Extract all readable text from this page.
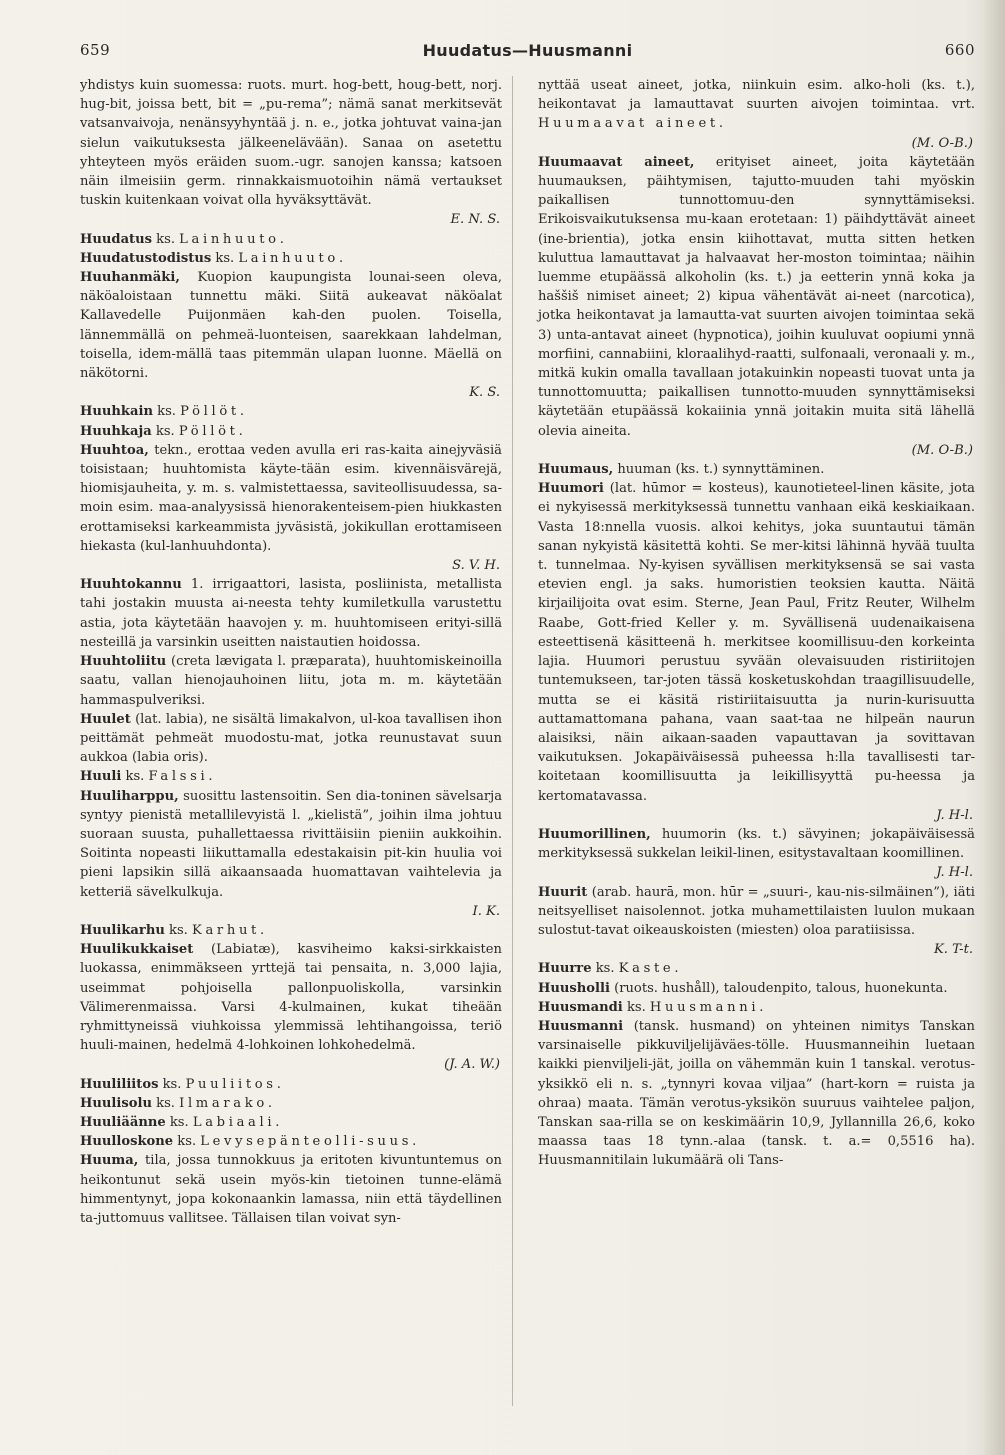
659	Huudatus—Huusmanni	660

yhdistys kuin suomessa: ruots. murt. hog-bett, houg-bett, norj. hug-bit, joissa bett, bit = „pu-rema”; nämä sanat merkitsevät vatsanvaivoja, nenänsyyhyntää j. n. e., jotka johtuvat vaina-jan sielun vaikutuksesta jälkeenelävään). Sanaa on asetettu yhteyteen myös eräiden suom.-ugr. sanojen kanssa; katsoen näin ilmeisiin germ. rinnakkaismuotoihin nämä vertaukset tuskin kuitenkaan voivat olla hyväksyttävät.

E. N. S.

Huudatus ks. Lainhuuto.

Huudatustodistus ks. Lainhuuto.

Huuhanmäki, Kuopion kaupungista lounai-seen oleva, näköaloistaan tunnettu mäki. Siitä aukeavat näköalat Kallavedelle Puijonmäen kah-den puolen. Toisella, lännemmällä on pehmeä-luonteisen, saarekkaan lahdelman, toisella, idem-mällä taas pitemmän ulapan luonne. Mäellä on näkötorni.

K. S.

Huuhkain ks. Pöllöt.

Huuhkaja ks. Pöllöt.

Huuhtoa, tekn., erottaa veden avulla eri ras-kaita ainejyväsiä toisistaan; huuhtomista käyte-tään esim. kivennäisvärejä, hiomisjauheita, y. m. s. valmistettaessa, saviteollisuudessa, sa-moin esim. maa-analyysissä hienorakenteisem-pien hiukkasten erottamiseksi karkeammista jyväsistä, jokikullan erottamiseen hiekasta (kul-lanhuuhdonta).

S. V. H.

Huuhtokannu 1. irrigaattori, lasista, posliinista, metallista tahi jostakin muusta ai-neesta tehty kumiletkulla varustettu astia, jota käytetään haavojen y. m. huuhtomiseen erityi-sillä nesteillä ja varsinkin useitten naistautien hoidossa.

Huuhtoliitu (creta lævigata l. præparata), huuhtomiskeinoilla saatu, vallan hienojauhoinen liitu, jota m. m. käytetään hammaspulveriksi.

Huulet (lat. labia), ne sisältä limakalvon, ul-koa tavallisen ihon peittämät pehmeät muodostu-mat, jotka reunustavat suun aukkoa (labia oris).

Huuli ks. Falssi.

Huuliharppu, suosittu lastensoitin. Sen dia-toninen sävelsarja syntyy pienistä metallilevyistä l. „kielistä”, joihin ilma johtuu suoraan suusta, puhallettaessa rivittäisiin pieniin aukkoihin. Soitinta nopeasti liikuttamalla edestakaisin pit-kin huulia voi pieni lapsikin sillä aikaansaada huomattavan vaihtelevia ja ketteriä sävelkulkuja.

I. K.

Huulikarhu ks. Karhut.

Huulikukkaiset (Labiatæ), kasviheimo kaksi-sirkkaisten luokassa, enimmäkseen yrttejä tai pensaita, n. 3,000 lajia, useimmat pohjoisella pallonpuoliskolla, varsinkin Välimerenmaissa. Varsi 4-kulmainen, kukat tiheään ryhmittyneissä viuhkoissa ylemmissä lehtihangoissa, teriö huuli-mainen, hedelmä 4-lohkoinen lohkohedelmä.

(J. A. W.)

Huuliliitos ks. Puuliitos.

Huulisolu ks. Ilmarako.

Huuliäänne ks. Labiaali.

Huulloskone ks. Levysepänteolli-suus.

Huuma, tila, jossa tunnokkuus ja eritoten kivuntuntemus on heikontunut sekä usein myös-kin tietoinen tunne-elämä himmentynyt, jopa kokonaankin lamassa, niin että täydellinen ta-juttomuus vallitsee. Tällaisen tilan voivat syn-

nyttää useat aineet, jotka, niinkuin esim. alko-holi (ks. t.), heikontavat ja lamauttavat suurten aivojen toimintaa. vrt. Huumaavat aineet.

(M. O-B.)

Huumaavat aineet, erityiset aineet, joita käytetään huumauksen, päihtymisen, tajutto-muuden tahi myöskin paikallisen tunnottomuu-den synnyttämiseksi. Erikoisvaikutuksensa mu-kaan erotetaan: 1) päihdyttävät aineet (ine-brientia), jotka ensin kiihottavat, mutta sitten hetken kuluttua lamauttavat ja halvaavat her-moston toimintaa; näihin luemme etupäässä alkoholin (ks. t.) ja eetterin ynnä koka ja haššiš nimiset aineet; 2) kipua vähentävät ai-neet (narcotica), jotka heikontavat ja lamautta-vat suurten aivojen toimintaa sekä 3) unta-antavat aineet (hypnotica), joihin kuuluvat oopiumi ynnä morfiini, cannabiini, kloraalihyd-raatti, sulfonaali, veronaali y. m., mitkä kukin omalla tavallaan jotakuinkin nopeasti tuovat unta ja tunnottomuutta; paikallisen tunnotto-muuden synnyttämiseksi käytetään etupäässä kokaiinia ynnä joitakin muita sitä lähellä olevia aineita.

(M. O-B.)

Huumaus, huuman (ks. t.) synnyttäminen.

Huumori (lat. hūmor = kosteus), kaunotieteel-linen käsite, jota ei nykyisessä merkityksessä tunnettu vanhaan eikä keskiaikaan. Vasta 18:nnella vuosis. alkoi kehitys, joka suuntautui tämän sanan nykyistä käsitettä kohti. Se mer-kitsi lähinnä hyvää tuulta t. tunnelmaa. Ny-kyisen syvällisen merkityksensä se sai vasta etevien engl. ja saks. humoristien teoksien kautta. Näitä kirjailijoita ovat esim. Sterne, Jean Paul, Fritz Reuter, Wilhelm Raabe, Gott-fried Keller y. m. Syvällisenä uudenaikaisena esteettisenä käsitteenä h. merkitsee koomillisuu-den korkeinta lajia. Huumori perustuu syvään olevaisuuden ristiriitojen tuntemukseen, tar-joten tässä kosketuskohdan traagillisuudelle, mutta se ei käsitä ristiriitaisuutta ja nurin-kurisuutta auttamattomana pahana, vaan saat-taa ne hilpeän naurun alaisiksi, näin aikaan-saaden vapauttavan ja sovittavan vaikutuksen. Jokapäiväisessä puheessa h:lla tavallisesti tar-koitetaan koomillisuutta ja leikillisyyttä pu-heessa ja kertomatavassa.

J. H-l.

Huumorillinen, huumorin (ks. t.) sävyinen; jokapäiväisessä merkityksessä sukkelan leikil-linen, esitystavaltaan koomillinen.

J. H-l.

Huurit (arab. haurā, mon. hūr = „suuri-, kau-nis-silmäinen”), iäti neitsyelliset naisolennot. jotka muhamettilaisten luulon mukaan sulostut-tavat oikeauskoisten (miesten) oloa paratiisissa.

K. T-t.

Huurre ks. Kaste.

Huusholli (ruots. hushåll), taloudenpito, talous, huonekunta.

Huusmandi ks. Huusmanni.

Huusmanni (tansk. husmand) on yhteinen nimitys Tanskan varsinaiselle pikkuviljelijäväes-tölle. Huusmanneihin luetaan kaikki pienviljeli-jät, joilla on vähemmän kuin 1 tanskal. verotus-yksikkö eli n. s. „tynnyri kovaa viljaa” (hart-korn = ruista ja ohraa) maata. Tämän verotus-yksikön suuruus vaihtelee paljon, Tanskan saa-rilla se on keskimäärin 10,9, Jyllannilla 26,6, koko maassa taas 18 tynn.-alaa (tansk. t. a.= 0,5516 ha). Huusmannitilain lukumäärä oli Tans-
